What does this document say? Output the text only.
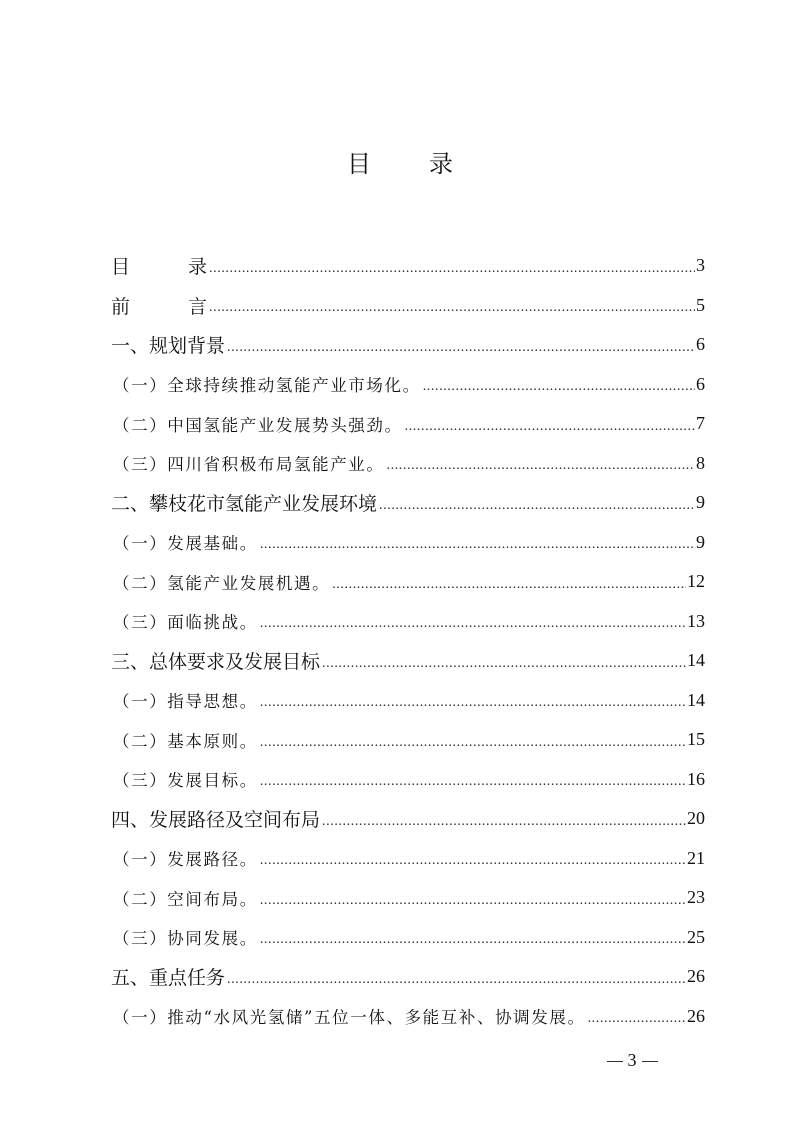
目 录
目	录 .....	3
前	言 .....	5
一、规划背景 .....	6
（一）全球持续推动氢能产业市场化。 .....	6
（二）中国氢能产业发展势头强劲。 .....	7
（三）四川省积极布局氢能产业。 .....	8
二、攀枝花市氢能产业发展环境 .....	9
（一）发展基础。 .....	9
（二）氢能产业发展机遇。 .....	12
（三）面临挑战。 .....	13
三、总体要求及发展目标 .....	14
（一）指导思想。 .....	14
（二）基本原则。 .....	15
（三）发展目标。 .....	16
四、发展路径及空间布局 .....	20
（一）发展路径。 .....	21
（二）空间布局。 .....	23
（三）协同发展。 .....	25
五、重点任务 .....	26
（一）推动“水风光氢储”五位一体、多能互补、协调发展。 .....	26
3
